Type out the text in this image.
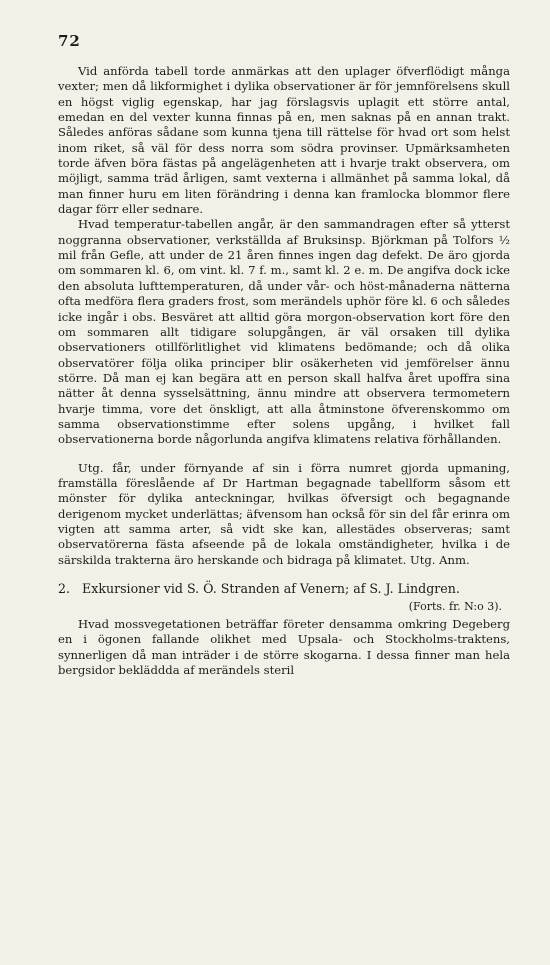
72

Vid anförda tabell torde anmärkas att den uplager öfverflödigt många vexter; men då likformighet i dylika observationer är för jemnförelsens skull en högst viglig egenskap, har jag förslagsvis uplagit ett större antal, emedan en del vexter kunna finnas på en, men saknas på en annan trakt. Således anföras sådane som kunna tjena till rättelse för hvad ort som helst inom riket, så väl för dess norra som södra provinser. Upmärksamheten torde äfven böra fästas på angelägenheten att i hvarje trakt observera, om möjligt, samma träd årligen, samt vexterna i allmänhet på samma lokal, då man finner huru em liten förändring i denna kan framlocka blommor flere dagar förr eller sednare.

Hvad temperatur-tabellen angår, är den sammandragen efter så ytterst noggranna observationer, verkställda af Bruksinsp. Björkman på Tolfors ½ mil från Gefle, att under de 21 åren finnes ingen dag defekt. De äro gjorda om sommaren kl. 6, om vint. kl. 7 f. m., samt kl. 2 e. m. De angifva dock icke den absoluta lufttemperaturen, då under vår- och höst-månaderna nätterna ofta medföra flera graders frost, som merändels uphör före kl. 6 och således icke ingår i obs. Besväret att alltid göra morgon-observation kort före den om sommaren allt tidigare solupgången, är väl orsaken till dylika observationers otillförlitlighet vid klimatens bedömande; och då olika observatörer följa olika principer blir osäkerheten vid jemförelser ännu större. Då man ej kan begära att en person skall halfva året upoffra sina nätter åt denna sysselsättning, ännu mindre att observera termometern hvarje timma, vore det önskligt, att alla åtminstone öfverenskommo om samma observationstimme efter solens upgång, i hvilket fall observationerna borde någorlunda angifva klimatens relativa förhållanden.

Utg. får, under förnyande af sin i förra numret gjorda upmaning, framställa föreslående af Dr Hartman begagnade tabellform såsom ett mönster för dylika anteckningar, hvilkas öfversigt och begagnande derigenom mycket underlättas; äfvensom han också för sin del får erinra om vigten att samma arter, så vidt ske kan, allestädes observeras; samt observatörerna fästa afseende på de lokala omständigheter, hvilka i de särskilda trakterna äro herskande och bidraga på klimatet. Utg. Anm.

2. Exkursioner vid S. Ö. Stranden af Venern; af S. J. Lindgren.

(Forts. fr. N:o 3).

Hvad mossvegetationen beträffar företer densamma omkring Degeberg en i ögonen fallande olikhet med Upsala- och Stockholms-traktens, synnerligen då man inträder i de större skogarna. I dessa finner man hela bergsidor bekläddda af merändels steril
